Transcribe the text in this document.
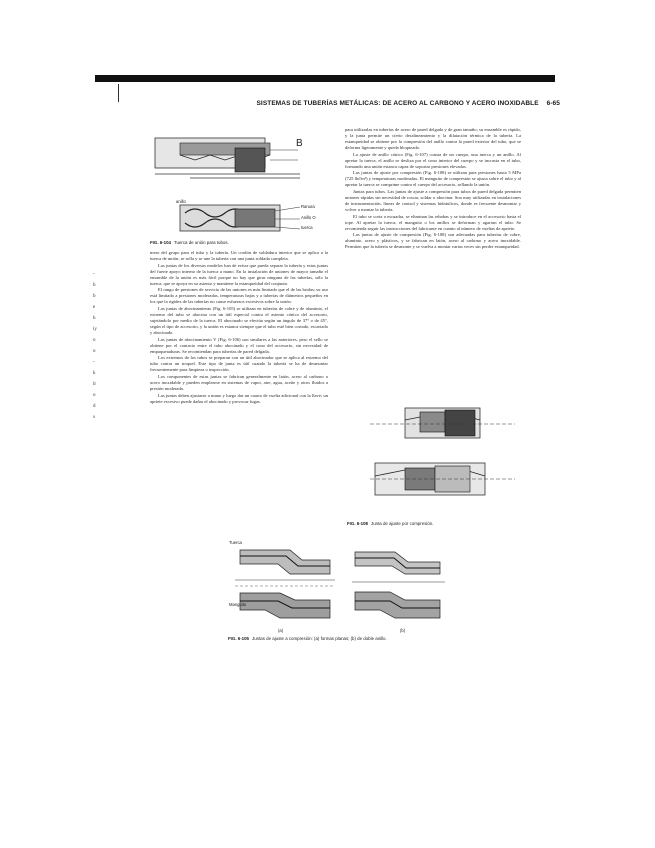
SISTEMAS DE TUBERÍAS METÁLICAS: DE ACERO AL CARBONO Y ACERO INOXIDABLE 6-65
-
b
b
e
h
iy
o
o
-
k
lr
o
d
s
B
anillo
Ranura
Anillo O
tuerca
FIG. 6-104 Tuerca de unión para tubos.

mero del grupo para el tubo y la tubería. Un cordón de soldadura interior que se aplica a la tuerca de unión, se sella y se une la tubería con una junta soldada completa.

Las juntas de los diversos modelos han de evitar que pueda separar la tubería y estas juntas del fuerte apoyo interno de la tuerca a mano. En la instalación de uniones de mayor tamaño el ensamble de la unión es más fácil porque no hay que girar ninguna de las tuberías, sólo la tuerca, que se apoya en su asiento y mantiene la estanqueidad del conjunto.

El rango de presiones de servicio de las uniones es más limitado que el de las bridas; su uso está limitado a presiones moderadas, temperaturas bajas y a tuberías de diámetros pequeños en los que la rigidez de las tuberías no cause esfuerzos excesivos sobre la unión.

Las juntas de abocinamiento (Fig. 6-105) se utilizan en tuberías de cobre y de aluminio, el extremo del tubo se abocina con un útil especial contra el asiento cónico del accesorio, sujetándolo por medio de la tuerca. El abocinado se efectúa según un ángulo de 37° o de 45°, según el tipo de accesorio, y la unión es estanca siempre que el tubo esté bien cortado, escariado y abocinado.

Las juntas de abocinamiento V (Fig. 6-106) son similares a las anteriores, pero el sello se obtiene por el contacto entre el tubo abocinado y el cono del accesorio, sin necesidad de empaquetaduras. Se recomiendan para tuberías de pared delgada.

Los extremos de los tubos se preparan con un útil abocinador que se aplica al extremo del tubo contra un troquel. Este tipo de junta es útil cuando la tubería se ha de desmontar frecuentemente para limpieza o inspección.

Los componentes de estas juntas se fabrican generalmente en latón, acero al carbono o acero inoxidable y pueden emplearse en sistemas de vapor, aire, agua, aceite y otros fluidos a presión moderada.

Las juntas deben ajustarse a mano y luego dar un cuarto de vuelta adicional con la llave; un apriete excesivo puede dañar el abocinado y provocar fugas.

para utilizarlas en tuberías de acero de pared delgada y de gran tamaño; su ensamble es rápido, y la junta permite un cierto desalineamiento y la dilatación térmica de la tubería. La estanqueidad se obtiene por la compresión del anillo contra la pared exterior del tubo, que se deforma ligeramente y queda bloqueado.

La ajuste de anillo cónico (Fig. 6-107) consta de un cuerpo, una tuerca y un anillo. Al apretar la tuerca, el anillo se desliza por el cono interior del cuerpo y se incrusta en el tubo, formando una unión estanca capaz de soportar presiones elevadas.

Las juntas de ajuste por compresión (Fig. 6-108) se utilizan para presiones hasta 5 MPa (725 lbf/in²) y temperaturas moderadas. El manguito de compresión se ajusta sobre el tubo y al apretar la tuerca se comprime contra el cuerpo del accesorio, sellando la unión.

Juntas para tubos. Las juntas de ajuste a compresión para tubos de pared delgada permiten uniones rápidas sin necesidad de roscar, soldar o abocinar. Son muy utilizadas en instalaciones de instrumentación, líneas de control y sistemas hidráulicos, donde es frecuente desmontar y volver a montar la tubería.

El tubo se corta a escuadra, se eliminan las rebabas y se introduce en el accesorio hasta el tope. Al apretar la tuerca, el manguito o los anillos se deforman y agarran el tubo. Se recomienda seguir las instrucciones del fabricante en cuanto al número de vueltas de apriete.

Las juntas de ajuste de compresión (Fig. 6-108) son adecuadas para tuberías de cobre, aluminio, acero y plásticos, y se fabrican en latón, acero al carbono y acero inoxidable. Permiten que la tubería se desmonte y se vuelva a montar varias veces sin perder estanqueidad.

FIG. 6-108 Junta de ajuste por compresión.
Tuerca
Manguito
(a)	(b)
FIG. 6-105 Juntas de ajuste a compresión: (a) formas planas; (b) de doble anillo.
